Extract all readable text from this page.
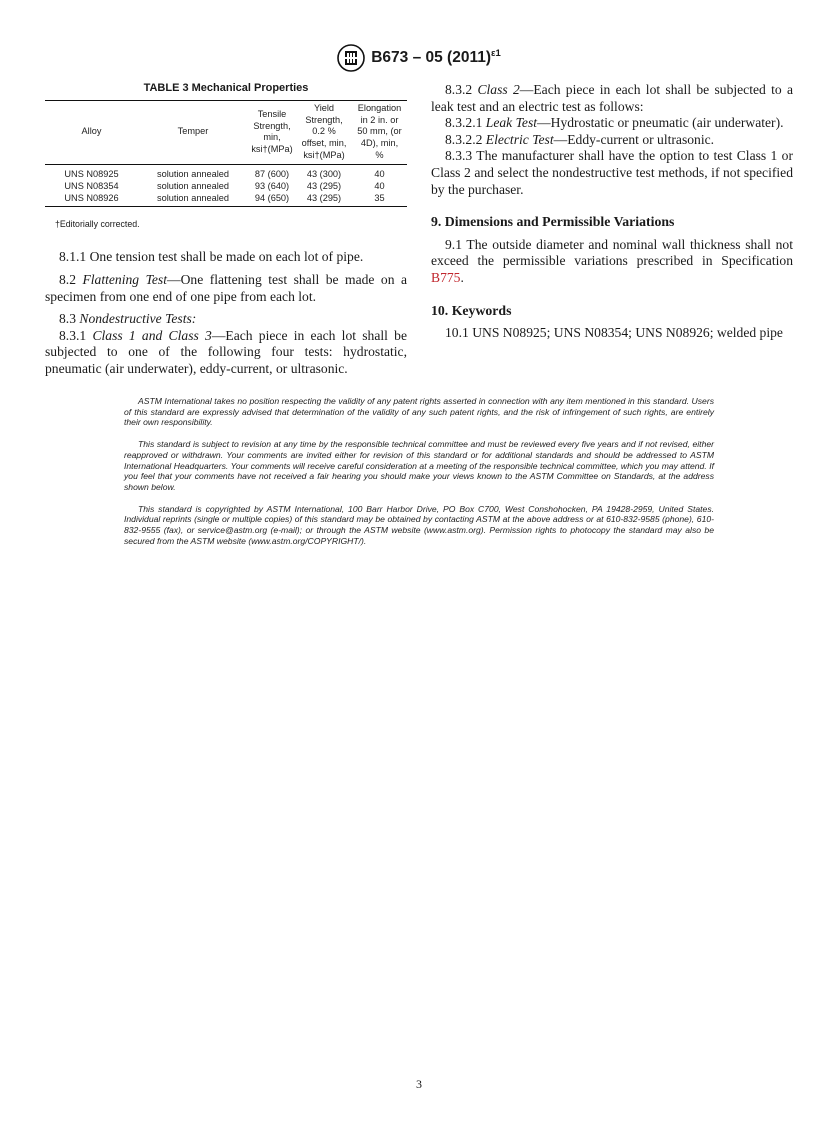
B673 – 05 $(2011)^{\varepsilon 1}$
TABLE 3 Mechanical Properties

Alloy	Temper	Tensile
Strength,
min,
ksi†(MPa)	Yield
Strength,
0.2 %
offset, min,
ksi†(MPa)	Elongation
in 2 in. or
50 mm, (or
4D), min,
%
UNS N08925	solution annealed	87 (600)	43 (300)	40
UNS N08354	solution annealed	93 (640)	43 (295)	40
UNS N08926	solution annealed	94 (650)	43 (295)	35
†Editorially corrected.

8.1.1 One tension test shall be made on each lot of pipe.

8.2 Flattening Test—One flattening test shall be made on a specimen from one end of one pipe from each lot.

8.3 Nondestructive Tests:

8.3.1 Class 1 and Class 3—Each piece in each lot shall be subjected to one of the following four tests: hydrostatic, pneumatic (air underwater), eddy-current, or ultrasonic.

8.3.2 Class 2—Each piece in each lot shall be subjected to a leak test and an electric test as follows:

8.3.2.1 Leak Test—Hydrostatic or pneumatic (air underwater).

8.3.2.2 Electric Test—Eddy-current or ultrasonic.

8.3.3 The manufacturer shall have the option to test Class 1 or Class 2 and select the nondestructive test methods, if not specified by the purchaser.

9. Dimensions and Permissible Variations

9.1 The outside diameter and nominal wall thickness shall not exceed the permissible variations prescribed in Specification B775.

10. Keywords

10.1 UNS N08925; UNS N08354; UNS N08926; welded pipe

ASTM International takes no position respecting the validity of any patent rights asserted in connection with any item mentioned in this standard. Users of this standard are expressly advised that determination of the validity of any such patent rights, and the risk of infringement of such rights, are entirely their own responsibility.

This standard is subject to revision at any time by the responsible technical committee and must be reviewed every five years and if not revised, either reapproved or withdrawn. Your comments are invited either for revision of this standard or for additional standards and should be addressed to ASTM International Headquarters. Your comments will receive careful consideration at a meeting of the responsible technical committee, which you may attend. If you feel that your comments have not received a fair hearing you should make your views known to the ASTM Committee on Standards, at the address shown below.

This standard is copyrighted by ASTM International, 100 Barr Harbor Drive, PO Box C700, West Conshohocken, PA 19428-2959, United States. Individual reprints (single or multiple copies) of this standard may be obtained by contacting ASTM at the above address or at 610-832-9585 (phone), 610-832-9555 (fax), or service@astm.org (e-mail); or through the ASTM website (www.astm.org). Permission rights to photocopy the standard may also be secured from the ASTM website (www.astm.org/COPYRIGHT/).

3
